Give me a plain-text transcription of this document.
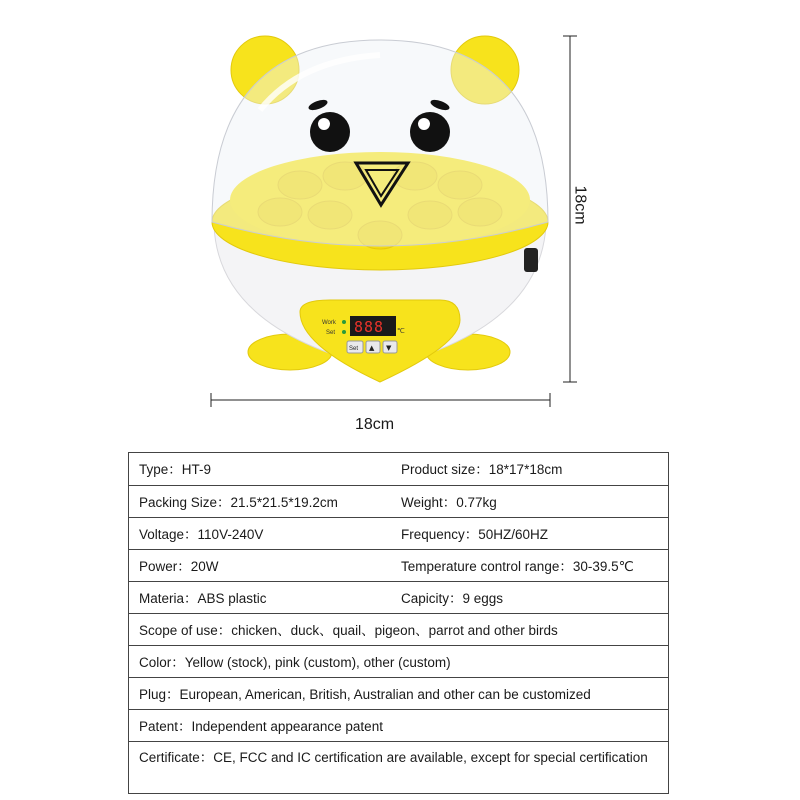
Work
Set 888 ℃
Set ▲ ▼
18cm
18cm
Type：HT-9	Product size：18*17*18cm
Packing Size：21.5*21.5*19.2cm	Weight：0.77kg
Voltage：110V-240V	Frequency：50HZ/60HZ
Power：20W	Temperature control range：30-39.5℃
Materia：ABS plastic	Capicity：9 eggs
Scope of use：chicken、duck、quail、pigeon、parrot and other birds
Color：Yellow (stock), pink (custom), other (custom)
Plug：European, American, British, Australian and other can be customized
Patent：Independent appearance patent
Certificate：CE, FCC and IC certification are available, except for special certification
